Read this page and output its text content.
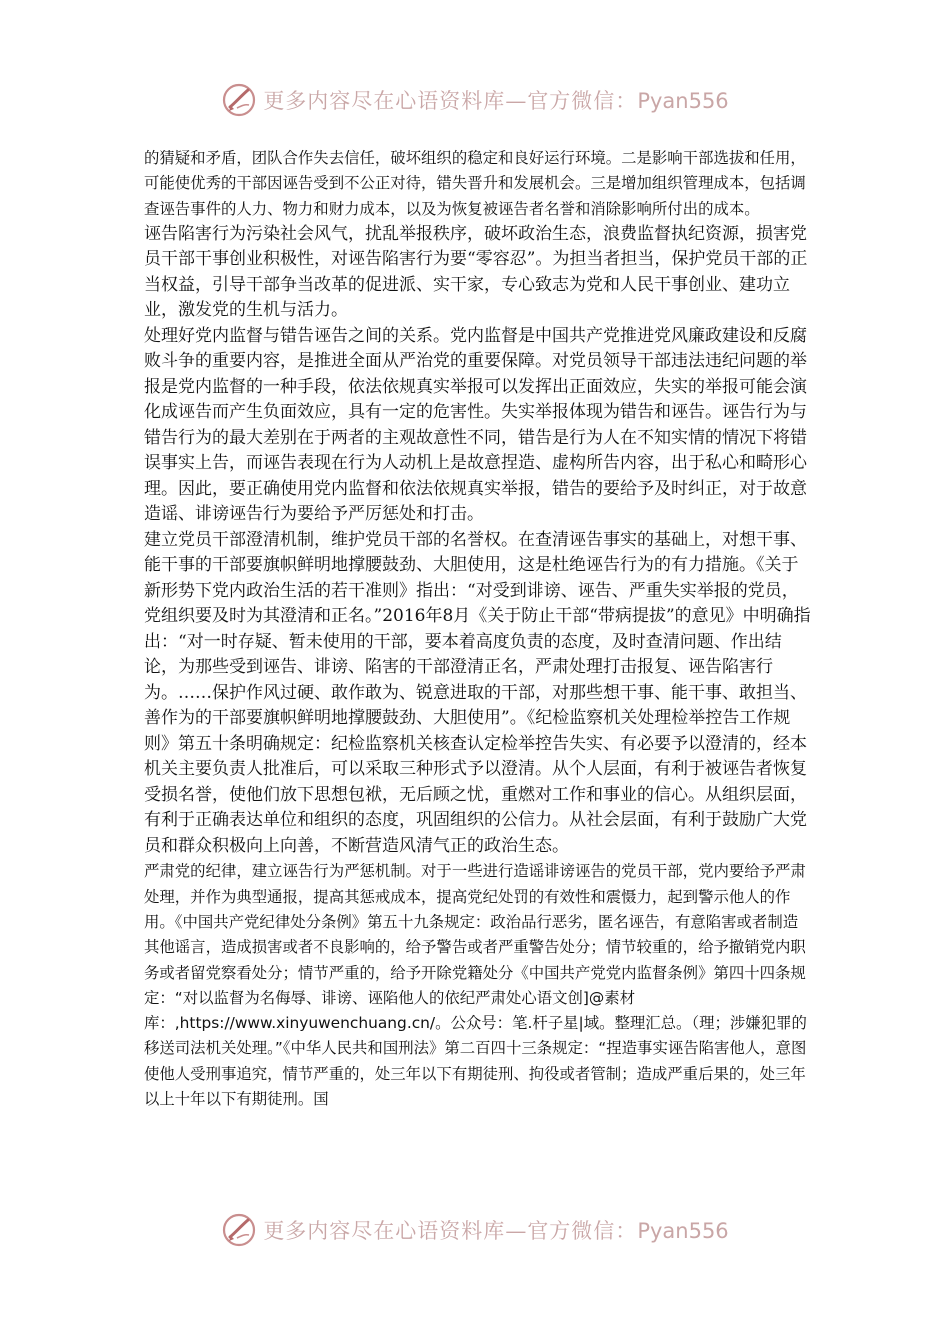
更多内容尽在心语资料库—官方微信：Pyan556

的猜疑和矛盾，团队合作失去信任，破坏组织的稳定和良好运行环境。二是影响干部选拔和任用，可能使优秀的干部因诬告受到不公正对待，错失晋升和发展机会。三是增加组织管理成本，包括调查诬告事件的人力、物力和财力成本，以及为恢复被诬告者名誉和消除影响所付出的成本。

诬告陷害行为污染社会风气，扰乱举报秩序，破坏政治生态，浪费监督执纪资源，损害党员干部干事创业积极性，对诬告陷害行为要“零容忍”。为担当者担当，保护党员干部的正当权益，引导干部争当改革的促进派、实干家，专心致志为党和人民干事创业、建功立业，激发党的生机与活力。

处理好党内监督与错告诬告之间的关系。党内监督是中国共产党推进党风廉政建设和反腐败斗争的重要内容，是推进全面从严治党的重要保障。对党员领导干部违法违纪问题的举报是党内监督的一种手段，依法依规真实举报可以发挥出正面效应，失实的举报可能会演化成诬告而产生负面效应，具有一定的危害性。失实举报体现为错告和诬告。诬告行为与错告行为的最大差别在于两者的主观故意性不同，错告是行为人在不知实情的情况下将错误事实上告，而诬告表现在行为人动机上是故意捏造、虚构所告内容，出于私心和畸形心理。因此，要正确使用党内监督和依法依规真实举报，错告的要给予及时纠正，对于故意造谣、诽谤诬告行为要给予严厉惩处和打击。

建立党员干部澄清机制，维护党员干部的名誉权。在查清诬告事实的基础上，对想干事、能干事的干部要旗帜鲜明地撑腰鼓劲、大胆使用，这是杜绝诬告行为的有力措施。《关于新形势下党内政治生活的若干准则》指出：“对受到诽谤、诬告、严重失实举报的党员，党组织要及时为其澄清和正名。”2016年8月《关于防止干部“带病提拔”的意见》中明确指出：“对一时存疑、暂未使用的干部，要本着高度负责的态度，及时查清问题、作出结论，为那些受到诬告、诽谤、陷害的干部澄清正名，严肃处理打击报复、诬告陷害行为。……保护作风过硬、敢作敢为、锐意进取的干部，对那些想干事、能干事、敢担当、善作为的干部要旗帜鲜明地撑腰鼓劲、大胆使用”。《纪检监察机关处理检举控告工作规则》第五十条明确规定：纪检监察机关核查认定检举控告失实、有必要予以澄清的，经本机关主要负责人批准后，可以采取三种形式予以澄清。从个人层面，有利于被诬告者恢复受损名誉，使他们放下思想包袱，无后顾之忧，重燃对工作和事业的信心。从组织层面，有利于正确表达单位和组织的态度，巩固组织的公信力。从社会层面，有利于鼓励广大党员和群众积极向上向善，不断营造风清气正的政治生态。

严肃党的纪律，建立诬告行为严惩机制。对于一些进行造谣诽谤诬告的党员干部，党内要给予严肃处理，并作为典型通报，提高其惩戒成本，提高党纪处罚的有效性和震慑力，起到警示他人的作用。《中国共产党纪律处分条例》第五十九条规定：政治品行恶劣，匿名诬告，有意陷害或者制造其他谣言，造成损害或者不良影响的，给予警告或者严重警告处分；情节较重的，给予撤销党内职务或者留党察看处分；情节严重的，给予开除党籍处分《中国共产党党内监督条例》第四十四条规定：“对以监督为名侮辱、诽谤、诬陷他人的依纪严肃处心语文创]@素材库：,https://www.xinyuwenchuang.cn/。公众号：笔.杆子星|域。整理汇总。（理；涉嫌犯罪的移送司法机关处理。”《中华人民共和国刑法》第二百四十三条规定：“捏造事实诬告陷害他人，意图使他人受刑事追究，情节严重的，处三年以下有期徒刑、拘役或者管制；造成严重后果的，处三年以上十年以下有期徒刑。国

更多内容尽在心语资料库—官方微信：Pyan556
